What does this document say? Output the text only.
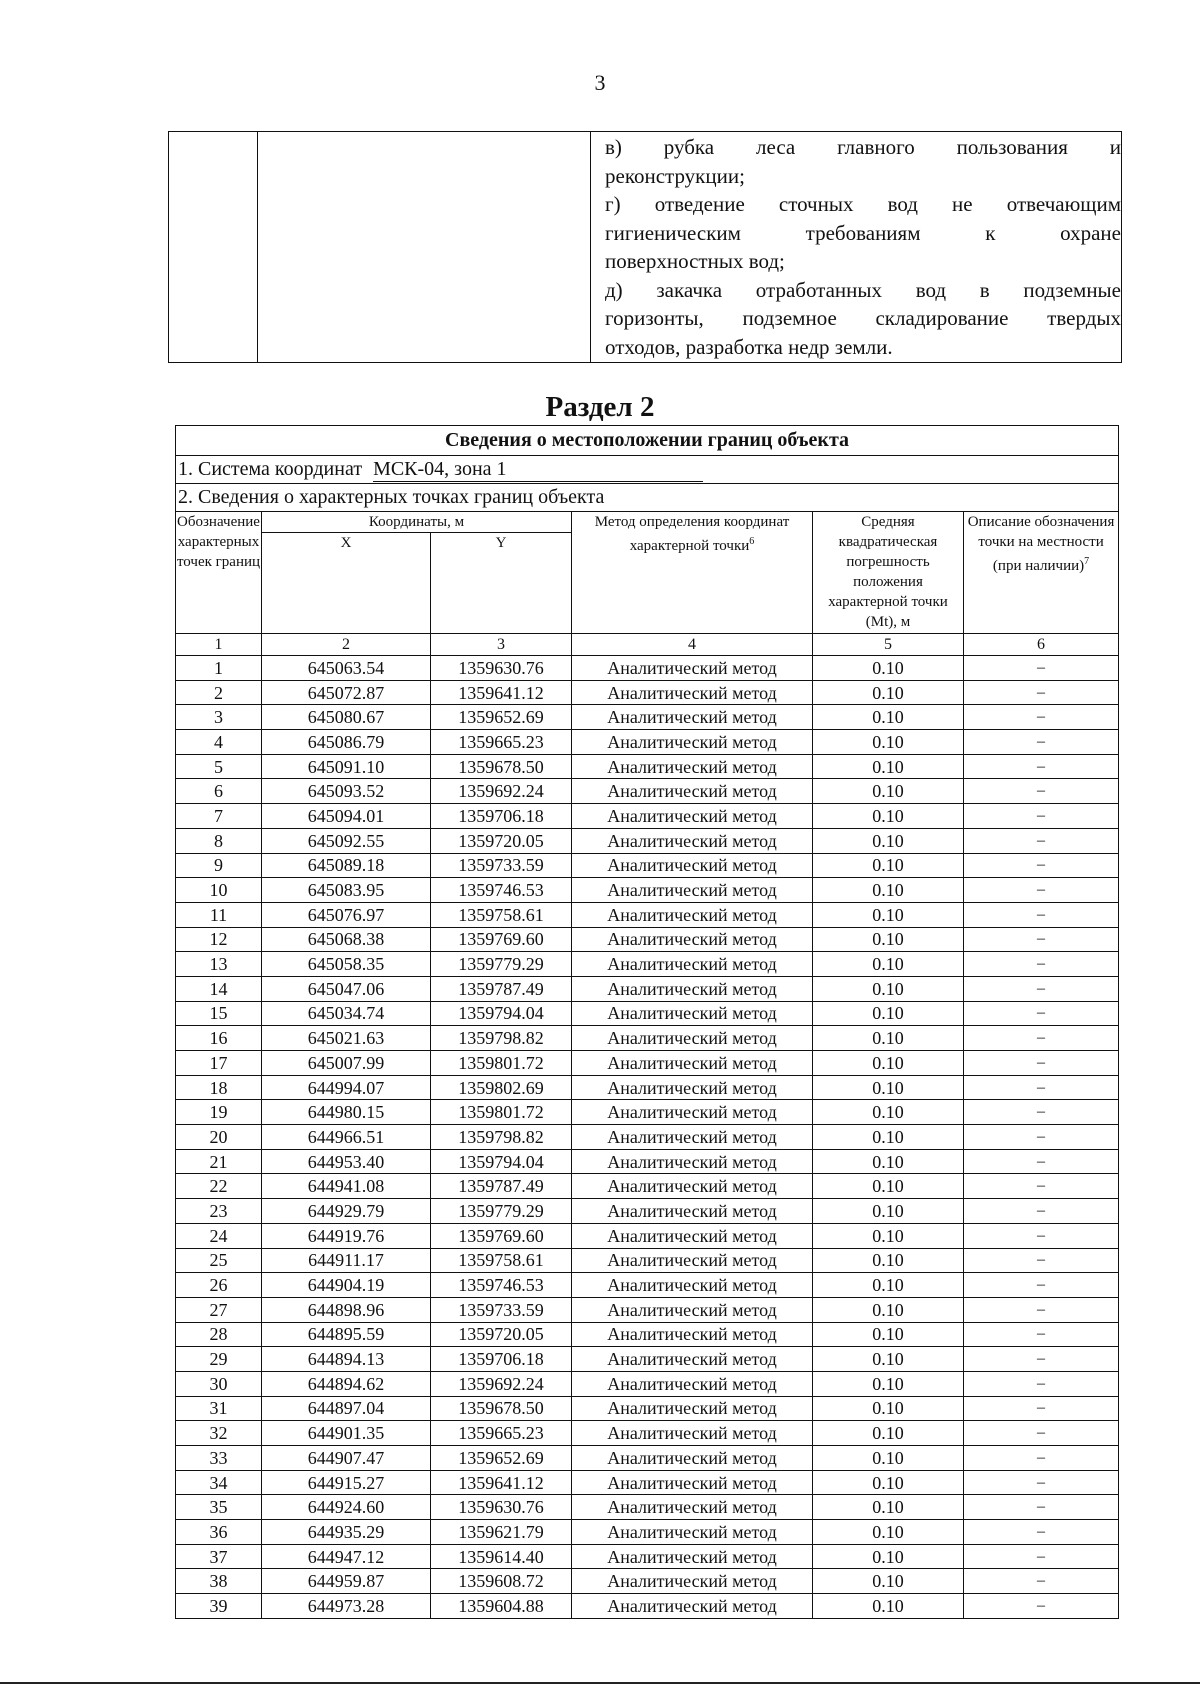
3

в) рубка леса главного пользования и
реконструкции;
г) отведение сточных вод не отвечающим
гигиеническим требованиям к охране
поверхностных вод;
д) закачка отработанных вод в подземные
горизонты, подземное складирование твердых
отходов, разработка недр земли.
Раздел 2
Сведения о местоположении границ объекта					
1. Система координат МСК-04, зона 1					
2. Сведения о характерных точках границ объекта					
Обозначение характерных точек границ	Координаты, м		Метод определения координат характерной точки$^6$	Средняя квадратическая погрешность положения характерной точки (Mt), м	Описание обозначения точки на местности (при наличии)$^7$
	X	Y			
1	2	3	4	5	6
1	645063.54	1359630.76	Аналитический метод	0.10	–
2	645072.87	1359641.12	Аналитический метод	0.10	–
3	645080.67	1359652.69	Аналитический метод	0.10	–
4	645086.79	1359665.23	Аналитический метод	0.10	–
5	645091.10	1359678.50	Аналитический метод	0.10	–
6	645093.52	1359692.24	Аналитический метод	0.10	–
7	645094.01	1359706.18	Аналитический метод	0.10	–
8	645092.55	1359720.05	Аналитический метод	0.10	–
9	645089.18	1359733.59	Аналитический метод	0.10	–
10	645083.95	1359746.53	Аналитический метод	0.10	–
11	645076.97	1359758.61	Аналитический метод	0.10	–
12	645068.38	1359769.60	Аналитический метод	0.10	–
13	645058.35	1359779.29	Аналитический метод	0.10	–
14	645047.06	1359787.49	Аналитический метод	0.10	–
15	645034.74	1359794.04	Аналитический метод	0.10	–
16	645021.63	1359798.82	Аналитический метод	0.10	–
17	645007.99	1359801.72	Аналитический метод	0.10	–
18	644994.07	1359802.69	Аналитический метод	0.10	–
19	644980.15	1359801.72	Аналитический метод	0.10	–
20	644966.51	1359798.82	Аналитический метод	0.10	–
21	644953.40	1359794.04	Аналитический метод	0.10	–
22	644941.08	1359787.49	Аналитический метод	0.10	–
23	644929.79	1359779.29	Аналитический метод	0.10	–
24	644919.76	1359769.60	Аналитический метод	0.10	–
25	644911.17	1359758.61	Аналитический метод	0.10	–
26	644904.19	1359746.53	Аналитический метод	0.10	–
27	644898.96	1359733.59	Аналитический метод	0.10	–
28	644895.59	1359720.05	Аналитический метод	0.10	–
29	644894.13	1359706.18	Аналитический метод	0.10	–
30	644894.62	1359692.24	Аналитический метод	0.10	–
31	644897.04	1359678.50	Аналитический метод	0.10	–
32	644901.35	1359665.23	Аналитический метод	0.10	–
33	644907.47	1359652.69	Аналитический метод	0.10	–
34	644915.27	1359641.12	Аналитический метод	0.10	–
35	644924.60	1359630.76	Аналитический метод	0.10	–
36	644935.29	1359621.79	Аналитический метод	0.10	–
37	644947.12	1359614.40	Аналитический метод	0.10	–
38	644959.87	1359608.72	Аналитический метод	0.10	–
39	644973.28	1359604.88	Аналитический метод	0.10	–
